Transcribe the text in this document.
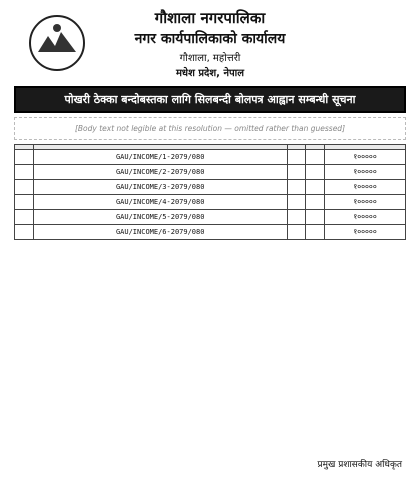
गौशाला नगरपालिका
नगर कार्यपालिकाको कार्यालय
गौशाला, महोत्तरी
मधेश प्रदेश, नेपाल
पोखरी ठेक्का बन्दोबस्तका लागि सिलबन्दी बोलपत्र आह्वान सम्बन्धी सूचना
[Body text not legible at this resolution — omitted rather than guessed]

	GAU/INCOME/1-2079/080			१०००००
	GAU/INCOME/2-2079/080			१०००००
	GAU/INCOME/3-2079/080			१०००००
	GAU/INCOME/4-2079/080			१०००००
	GAU/INCOME/5-2079/080			१०००००
	GAU/INCOME/6-2079/080			१०००००
प्रमुख प्रशासकीय अधिकृत
